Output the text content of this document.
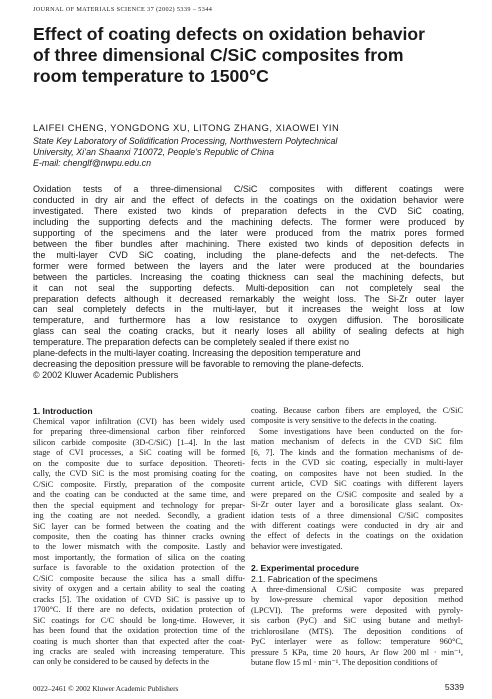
JOURNAL OF MATERIALS SCIENCE 37 (2002) 5339 – 5344
Effect of coating defects on oxidation behavior
of three dimensional C/SiC composites from
room temperature to 1500°C
LAIFEI CHENG, YONGDONG XU, LITONG ZHANG, XIAOWEI YIN
State Key Laboratory of Solidification Processing, Northwestern Polytechnical
University, Xi’an Shaanxi 710072, People’s Republic of China
E-mail: chenglf@nwpu.edu.cn
Oxidation tests of a three-dimensional C/SiC composites with different coatings were
conducted in dry air and the effect of defects in the coatings on the oxidation behavior were
investigated. There existed two kinds of preparation defects in the CVD SiC coating,
including the supporting defects and the machining defects. The former were produced by
supporting of the specimens and the later were produced from the matrix pores formed
between the fiber bundles after machining. There existed two kinds of deposition defects in
the multi-layer CVD SiC coating, including the plane-defects and the net-defects. The
former were formed between the layers and the later were produced at the boundaries
between the particles. Increasing the coating thickness can seal the machining defects, but
it can not seal the supporting defects. Multi-deposition can not completely seal the
preparation defects although it decreased remarkably the weight loss. The Si-Zr outer layer
can seal completely defects in the multi-layer, but it increases the weight loss at low
temperature, and furthermore has a low resistance to oxygen diffusion. The borosilicate
glass can seal the coating cracks, but it nearly loses all ability of sealing defects at high
temperature. The preparation defects can be completely sealed if there exist no
plane-defects in the multi-layer coating. Increasing the deposition temperature and
decreasing the deposition pressure will be favorable to removing the plane-defects.
© 2002 Kluwer Academic Publishers
1. Introduction
Chemical vapor infiltration (CVI) has been widely used
for preparing three-dimensional carbon fiber reinforced
silicon carbide composite (3D-C/SiC) [1–4]. In the last
stage of CVI processes, a SiC coating will be formed
on the composite due to surface deposition. Theoreti-
cally, the CVD SiC is the most promising coating for the
C/SiC composite. Firstly, preparation of the composite
and the coating can be conducted at the same time, and
then the special equipment and technology for prepar-
ing the coating are not needed. Secondly, a gradient
SiC layer can be formed between the coating and the
composite, then the coating has thinner cracks owning
to the lower mismatch with the composite. Lastly and
most importantly, the formation of silica on the coating
surface is favorable to the oxidation protection of the
C/SiC composite because the silica has a small diffu-
sivity of oxygen and a certain ability to seal the coating
cracks [5]. The oxidation of CVD SiC is passive up to
1700°C. If there are no defects, oxidation protection of
SiC coatings for C/C should be long-time. However, it
has been found that the oxidation protection time of the
coating is much shorter than that expected after the coat-
ing cracks are sealed with increasing temperature. This
can only be considered to be caused by defects in the
coating. Because carbon fibers are employed, the C/SiC
composite is very sensitive to the defects in the coating.
Some investigations have been conducted on the for-
mation mechanism of defects in the CVD SiC film
[6, 7]. The kinds and the formation mechanisms of de-
fects in the CVD sic coating, especially in multi-layer
coating, on composites have not been studied. In the
current article, CVD SiC coatings with different layers
were prepared on the C/SiC composite and sealed by a
Si-Zr outer layer and a borosilicate glass sealant. Ox-
idation tests of a three dimensional C/SiC composites
with different coatings were conducted in dry air and
the effect of defects in the coatings on the oxidation
behavior were investigated.
2. Experimental procedure
2.1. Fabrication of the specimens
A three-dimensional C/SiC composite was prepared
by low-pressure chemical vapor deposition method
(LPCVI). The preforms were deposited with pyroly-
sis carbon (PyC) and SiC using butane and methyl-
trichlorosilane (MTS). The deposition conditions of
PyC interlayer were as follow: temperature 960°C,
pressure 5 KPa, time 20 hours, Ar flow 200 ml · min⁻¹,
butane flow 15 ml · min⁻¹. The deposition conditions of
0022–2461 © 2002 Kluwer Academic Publishers	5339
